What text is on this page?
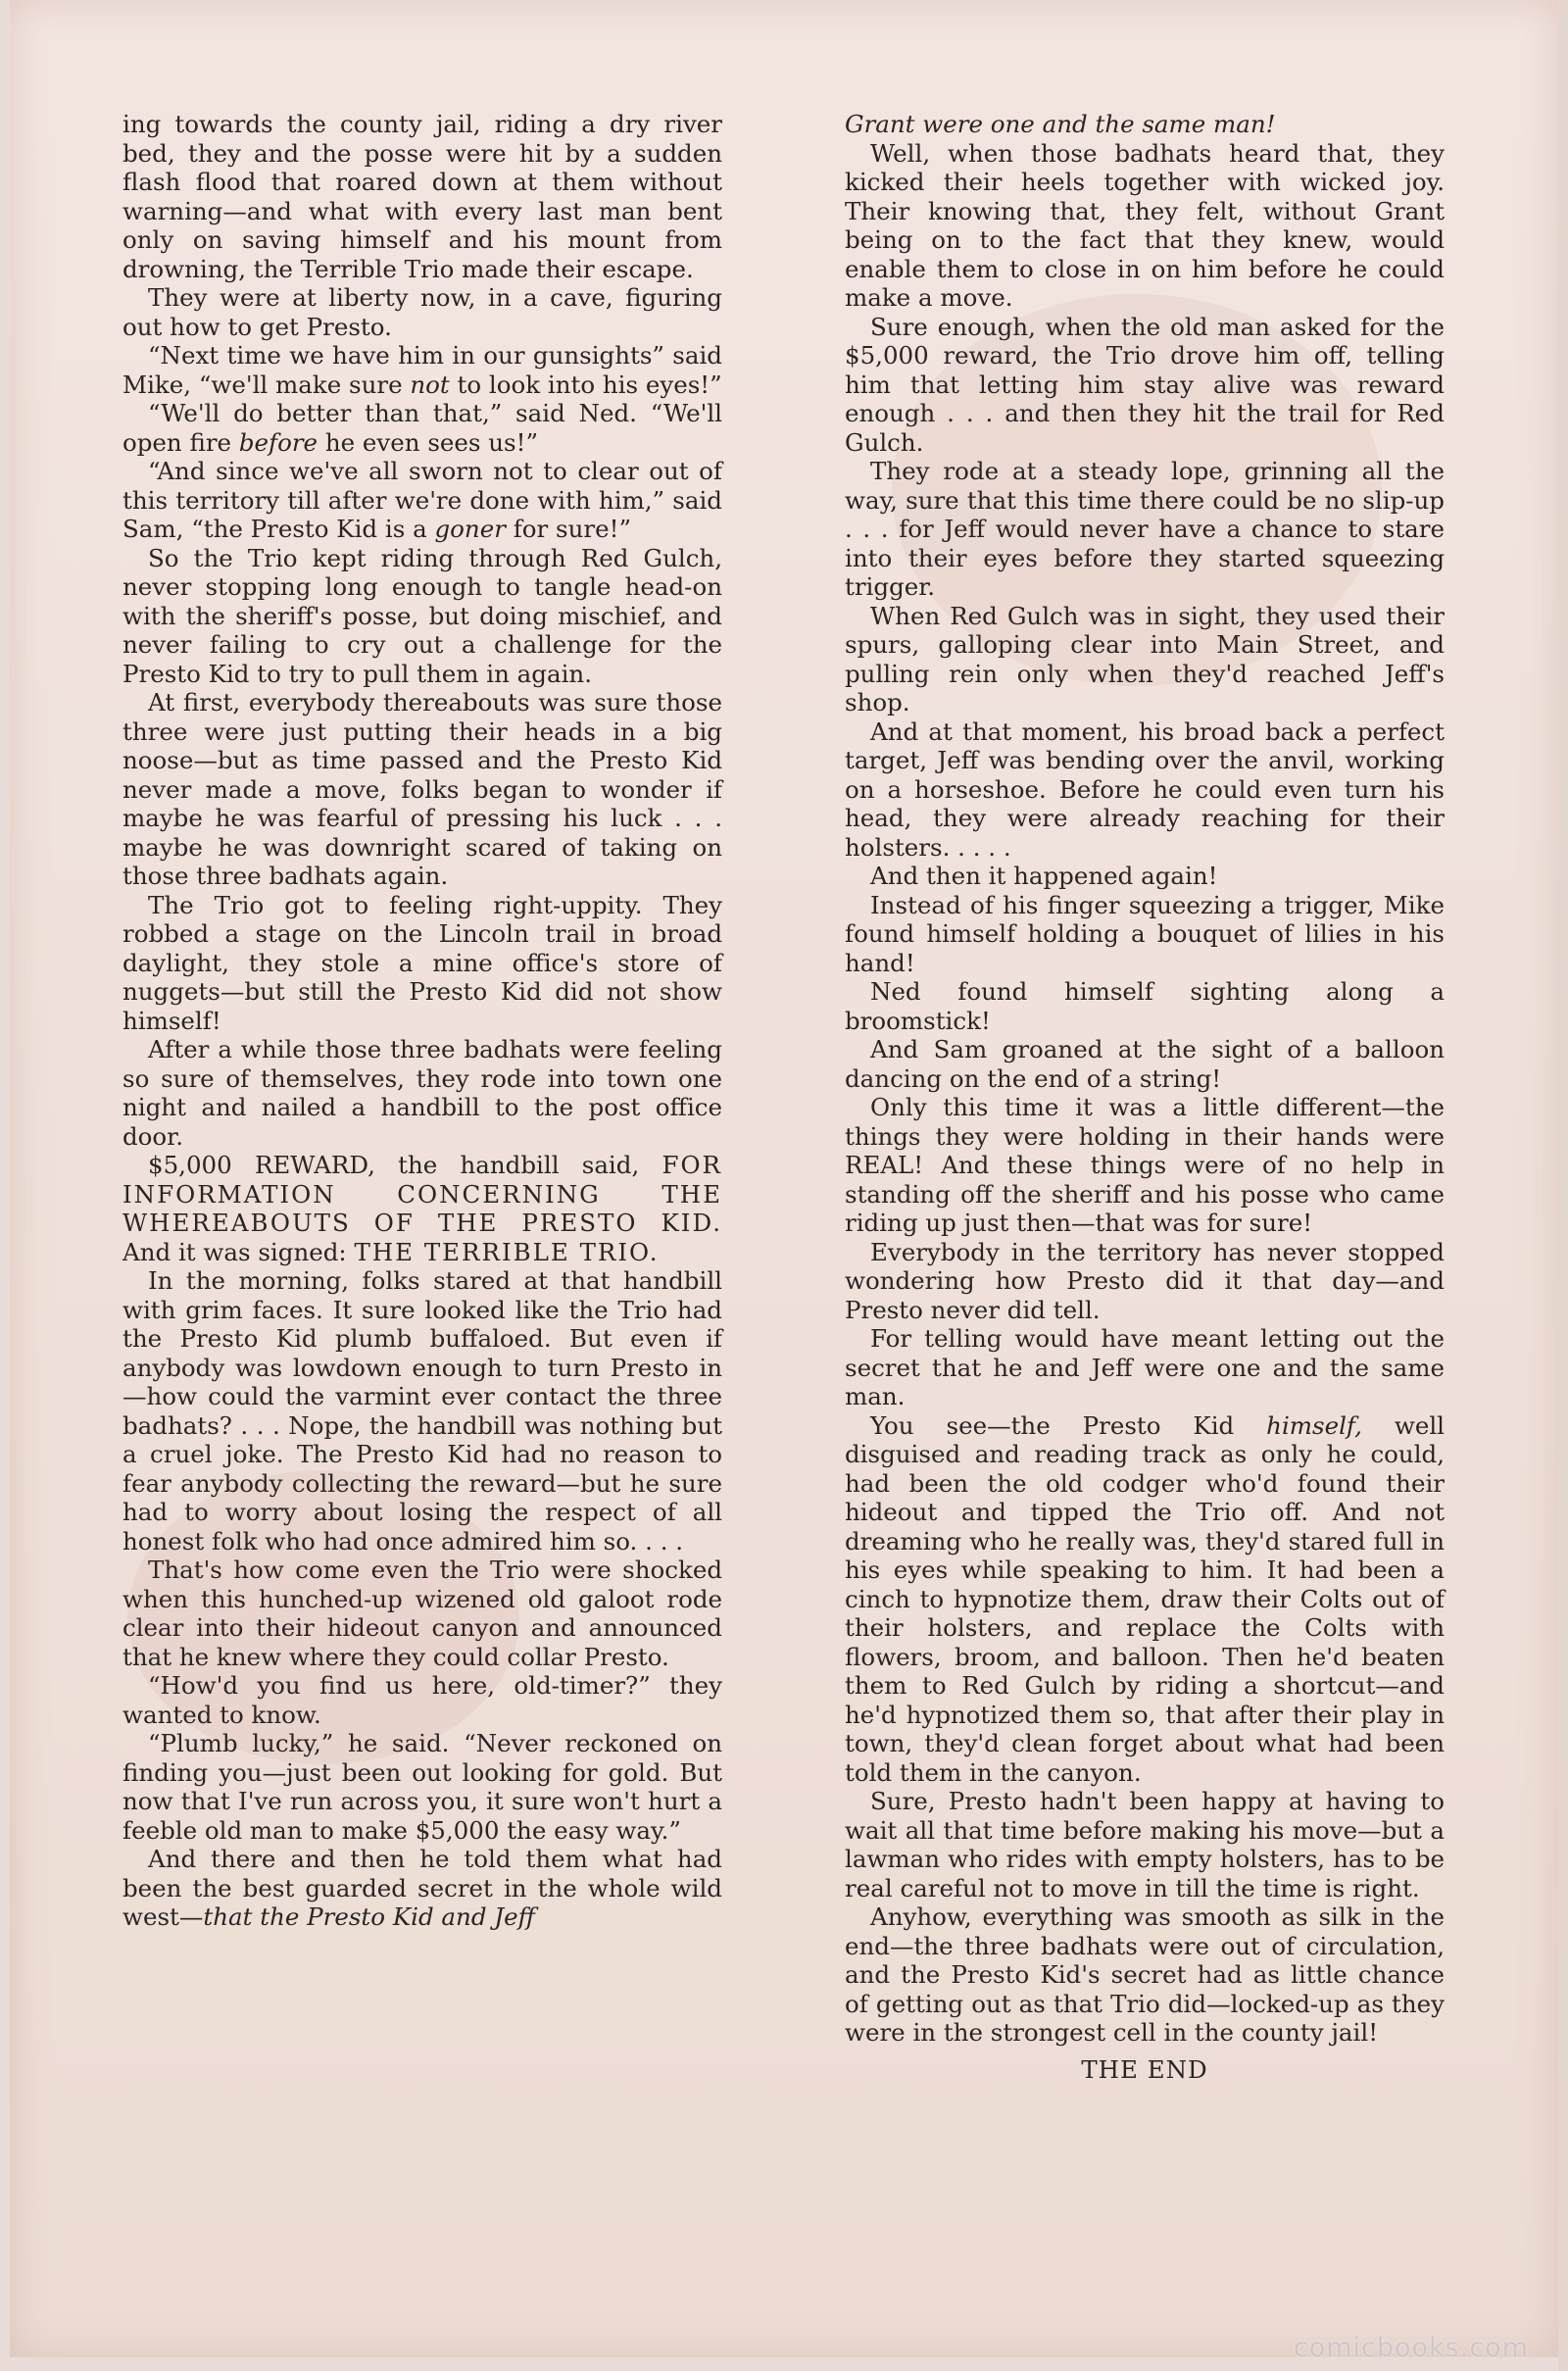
ing towards the county jail, riding a dry river bed, they and the posse were hit by a sudden flash flood that roared down at them without warning—and what with every last man bent only on saving himself and his mount from drowning, the Terrible Trio made their escape.

They were at liberty now, in a cave, figuring out how to get Presto.

“Next time we have him in our gunsights” said Mike, “we'll make sure not to look into his eyes!”

“We'll do better than that,” said Ned. “We'll open fire before he even sees us!”

“And since we've all sworn not to clear out of this territory till after we're done with him,” said Sam, “the Presto Kid is a goner for sure!”

So the Trio kept riding through Red Gulch, never stopping long enough to tangle head-on with the sheriff's posse, but doing mischief, and never failing to cry out a challenge for the Presto Kid to try to pull them in again.

At first, everybody thereabouts was sure those three were just putting their heads in a big noose—but as time passed and the Presto Kid never made a move, folks began to wonder if maybe he was fearful of pressing his luck . . . maybe he was downright scared of taking on those three badhats again.

The Trio got to feeling right-uppity. They robbed a stage on the Lincoln trail in broad daylight, they stole a mine office's store of nuggets—but still the Presto Kid did not show himself!

After a while those three badhats were feeling so sure of themselves, they rode into town one night and nailed a handbill to the post office door.

$5,000 REWARD, the handbill said, FOR INFORMATION CONCERNING THE WHEREABOUTS OF THE PRESTO KID. And it was signed: THE TERRIBLE TRIO.

In the morning, folks stared at that handbill with grim faces. It sure looked like the Trio had the Presto Kid plumb buffaloed. But even if anybody was lowdown enough to turn Presto in—how could the varmint ever contact the three badhats? . . . Nope, the handbill was nothing but a cruel joke. The Presto Kid had no reason to fear anybody collecting the reward—but he sure had to worry about losing the respect of all honest folk who had once admired him so. . . .

That's how come even the Trio were shocked when this hunched-up wizened old galoot rode clear into their hideout canyon and announced that he knew where they could collar Presto.

“How'd you find us here, old-timer?” they wanted to know.

“Plumb lucky,” he said. “Never reckoned on finding you—just been out looking for gold. But now that I've run across you, it sure won't hurt a feeble old man to make $5,000 the easy way.”

And there and then he told them what had been the best guarded secret in the whole wild west—that the Presto Kid and Jeff

Grant were one and the same man!

Well, when those badhats heard that, they kicked their heels together with wicked joy. Their knowing that, they felt, without Grant being on to the fact that they knew, would enable them to close in on him before he could make a move.

Sure enough, when the old man asked for the $5,000 reward, the Trio drove him off, telling him that letting him stay alive was reward enough . . . and then they hit the trail for Red Gulch.

They rode at a steady lope, grinning all the way, sure that this time there could be no slip-up . . . for Jeff would never have a chance to stare into their eyes before they started squeezing trigger.

When Red Gulch was in sight, they used their spurs, galloping clear into Main Street, and pulling rein only when they'd reached Jeff's shop.

And at that moment, his broad back a perfect target, Jeff was bending over the anvil, working on a horseshoe. Before he could even turn his head, they were already reaching for their holsters. . . . .

And then it happened again!

Instead of his finger squeezing a trigger, Mike found himself holding a bouquet of lilies in his hand!

Ned found himself sighting along a broomstick!

And Sam groaned at the sight of a balloon dancing on the end of a string!

Only this time it was a little different—the things they were holding in their hands were REAL! And these things were of no help in standing off the sheriff and his posse who came riding up just then—that was for sure!

Everybody in the territory has never stopped wondering how Presto did it that day—and Presto never did tell.

For telling would have meant letting out the secret that he and Jeff were one and the same man.

You see—the Presto Kid himself, well disguised and reading track as only he could, had been the old codger who'd found their hideout and tipped the Trio off. And not dreaming who he really was, they'd stared full in his eyes while speaking to him. It had been a cinch to hypnotize them, draw their Colts out of their holsters, and replace the Colts with flowers, broom, and balloon. Then he'd beaten them to Red Gulch by riding a shortcut—and he'd hypnotized them so, that after their play in town, they'd clean forget about what had been told them in the canyon.

Sure, Presto hadn't been happy at having to wait all that time before making his move—but a lawman who rides with empty holsters, has to be real careful not to move in till the time is right.

Anyhow, everything was smooth as silk in the end—the three badhats were out of circulation, and the Presto Kid's secret had as little chance of getting out as that Trio did—locked-up as they were in the strongest cell in the county jail!

THE END

comicbooks.com
